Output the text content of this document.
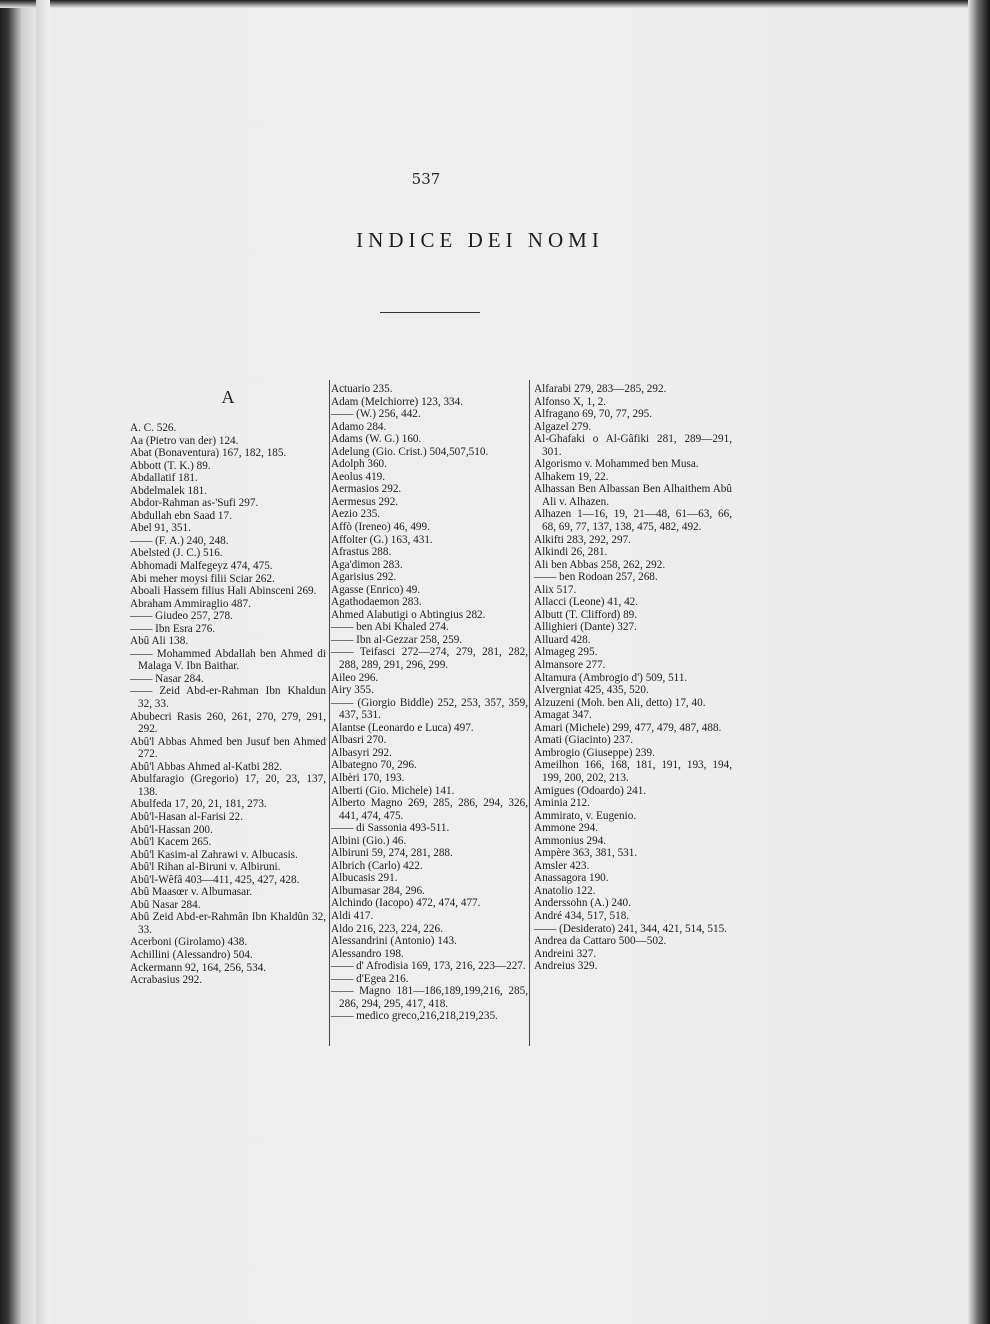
537
INDICE DEI NOMI
A
A. C. 526.
Aa (Pietro van der) 124.
Abat (Bonaventura) 167, 182, 185.
Abbott (T. K.) 89.
Abdallatif 181.
Abdelmalek 181.
Abdor-Rahman as-'Sufi 297.
Abdullah ebn Saad 17.
Abel 91, 351.
—— (F. A.) 240, 248.
Abelsted (J. C.) 516.
Abhomadi Malfegeyz 474, 475.
Abi meher moysi filii Sciar 262.
Aboali Hassem filius Hali Abinsceni 269.
Abraham Ammiraglio 487.
—— Giudeo 257, 278.
—— Ibn Esra 276.
Abû Ali 138.
—— Mohammed Abdallah ben Ahmed di Malaga V. Ibn Baithar.
—— Nasar 284.
—— Zeid Abd-er-Rahman Ibn Khaldun 32, 33.
Abubecri Rasis 260, 261, 270, 279, 291, 292.
Abû'l Abbas Ahmed ben Jusuf ben Ahmed 272.
Abû'l Abbas Ahmed al-Katbi 282.
Abulfaragio (Gregorio) 17, 20, 23, 137, 138.
Abulfeda 17, 20, 21, 181, 273.
Abû'l-Hasan al-Farisi 22.
Abû'l-Hassan 200.
Abû'l Kacem 265.
Abû'l Kasim-al Zahrawi v. Albucasis.
Abû'l Rihan al-Biruni v. Albiruni.
Abû'l-Wêfâ 403—411, 425, 427, 428.
Abû Maasœr v. Albumasar.
Abû Nasar 284.
Abû Zeid Abd-er-Rahmân Ibn Khaldûn 32, 33.
Acerboni (Girolamo) 438.
Achillini (Alessandro) 504.
Ackermann 92, 164, 256, 534.
Acrabasius 292.
Actuario 235.
Adam (Melchiorre) 123, 334.
—— (W.) 256, 442.
Adamo 284.
Adams (W. G.) 160.
Adelung (Gio. Crist.) 504,507,510.
Adolph 360.
Aeolus 419.
Aermasios 292.
Aermesus 292.
Aezio 235.
Affò (Ireneo) 46, 499.
Affolter (G.) 163, 431.
Afrastus 288.
Aga'dimon 283.
Agarisius 292.
Agasse (Enrico) 49.
Agathodaemon 283.
Ahmed Alabutigi o Abtingius 282.
—— ben Abi Khaled 274.
—— Ibn al-Gezzar 258, 259.
—— Teifasci 272—274, 279, 281, 282, 288, 289, 291, 296, 299.
Aileo 296.
Airy 355.
—— (Giorgio Biddle) 252, 253, 357, 359, 437, 531.
Alantse (Leonardo e Luca) 497.
Albasri 270.
Albasyri 292.
Albategno 70, 296.
Albèri 170, 193.
Alberti (Gio. Michele) 141.
Alberto Magno 269, 285, 286, 294, 326, 441, 474, 475.
—— di Sassonia 493-511.
Albini (Gio.) 46.
Albiruni 59, 274, 281, 288.
Albrich (Carlo) 422.
Albucasis 291.
Albumasar 284, 296.
Alchindo (Iacopo) 472, 474, 477.
Aldi 417.
Aldo 216, 223, 224, 226.
Alessandrini (Antonio) 143.
Alessandro 198.
—— d' Afrodisia 169, 173, 216, 223—227.
—— d'Egea 216.
—— Magno 181—186,189,199,216, 285, 286, 294, 295, 417, 418.
—— medico greco,216,218,219,235.
Alfarabi 279, 283—285, 292.
Alfonso X, 1, 2.
Alfragano 69, 70, 77, 295.
Algazel 279.
Al-Ghafaki o Al-Gâfiki 281, 289—291, 301.
Algorismo v. Mohammed ben Musa.
Alhakem 19, 22.
Alhassan Ben Albassan Ben Alhaithem Abû Ali v. Alhazen.
Alhazen 1—16, 19, 21—48, 61—63, 66, 68, 69, 77, 137, 138, 475, 482, 492.
Alkifti 283, 292, 297.
Alkindi 26, 281.
Ali ben Abbas 258, 262, 292.
—— ben Rodoan 257, 268.
Alix 517.
Allacci (Leone) 41, 42.
Albutt (T. Clifford) 89.
Allighieri (Dante) 327.
Alluard 428.
Almageg 295.
Almansore 277.
Altamura (Ambrogio d') 509, 511.
Alvergniat 425, 435, 520.
Alzuzeni (Moh. ben Ali, detto) 17, 40.
Amagat 347.
Amari (Michele) 299, 477, 479, 487, 488.
Amati (Giacinto) 237.
Ambrogio (Giuseppe) 239.
Ameilhon 166, 168, 181, 191, 193, 194, 199, 200, 202, 213.
Amigues (Odoardo) 241.
Aminia 212.
Ammirato, v. Eugenio.
Ammone 294.
Ammonius 294.
Ampère 363, 381, 531.
Amsler 423.
Anassagora 190.
Anatolio 122.
Anderssohn (A.) 240.
André 434, 517, 518.
—— (Desiderato) 241, 344, 421, 514, 515.
Andrea da Cattaro 500—502.
Andreini 327.
Andreius 329.
